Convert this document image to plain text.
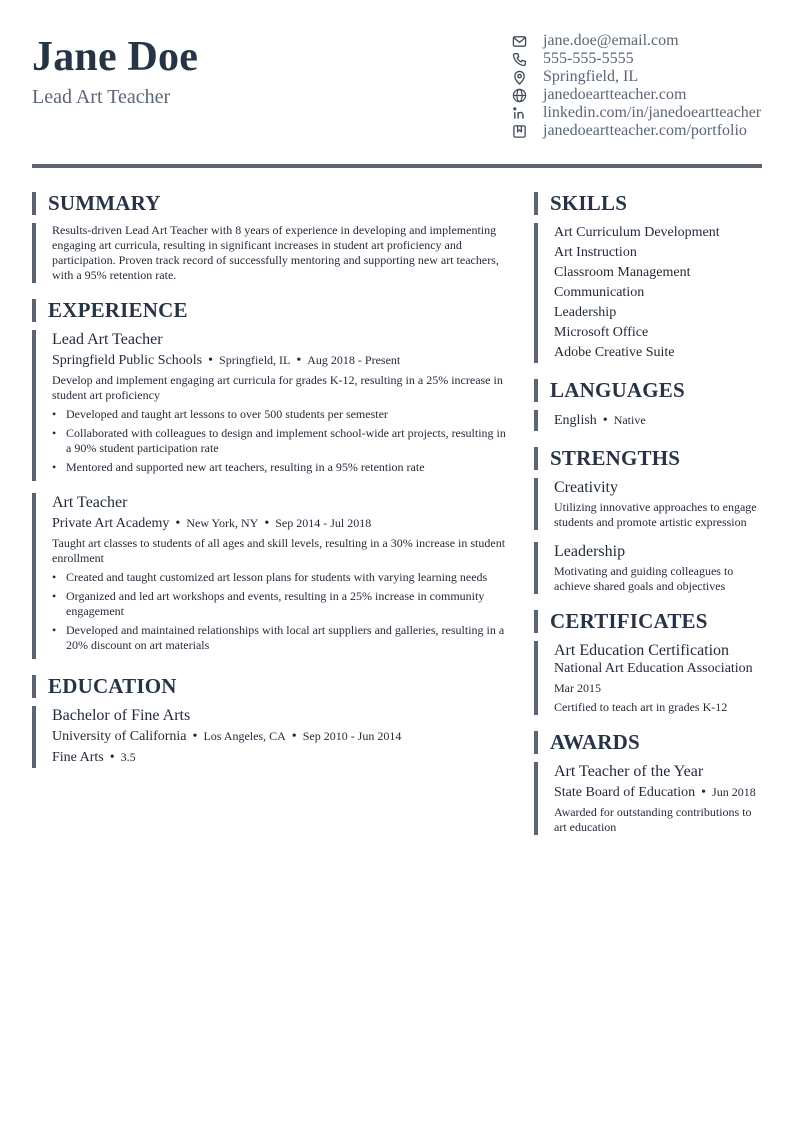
Jane Doe
Lead Art Teacher
jane.doe@email.com
555-555-5555
Springfield, IL
janedoeartteacher.com
linkedin.com/in/janedoeartteacher
janedoeartteacher.com/portfolio
SUMMARY

Results-driven Lead Art Teacher with 8 years of experience in developing and implementing engaging art curricula, resulting in significant increases in student art proficiency and participation. Proven track record of successfully mentoring and supporting new art teachers, with a 95% retention rate.

EXPERIENCE
Lead Art Teacher
Springfield Public Schools • Springfield, IL • Aug 2018 - Present

Develop and implement engaging art curricula for grades K-12, resulting in a 25% increase in student art proficiency

• Developed and taught art lessons to over 500 students per semester
• Collaborated with colleagues to design and implement school-wide art projects, resulting in a 90% student participation rate
• Mentored and supported new art teachers, resulting in a 95% retention rate
Art Teacher
Private Art Academy • New York, NY • Sep 2014 - Jul 2018

Taught art classes to students of all ages and skill levels, resulting in a 30% increase in student enrollment

• Created and taught customized art lesson plans for students with varying learning needs
• Organized and led art workshops and events, resulting in a 25% increase in community engagement
• Developed and maintained relationships with local art suppliers and galleries, resulting in a 20% discount on art materials
EDUCATION
Bachelor of Fine Arts
University of California • Los Angeles, CA • Sep 2010 - Jun 2014
Fine Arts • 3.5
SKILLS
Art Curriculum Development
Art Instruction
Classroom Management
Communication
Leadership
Microsoft Office
Adobe Creative Suite
LANGUAGES
English • Native
STRENGTHS
Creativity

Utilizing innovative approaches to engage students and promote artistic expression

Leadership

Motivating and guiding colleagues to achieve shared goals and objectives

CERTIFICATES
Art Education Certification
National Art Education Association
Mar 2015

Certified to teach art in grades K-12

AWARDS
Art Teacher of the Year
State Board of Education • Jun 2018

Awarded for outstanding contributions to art education
